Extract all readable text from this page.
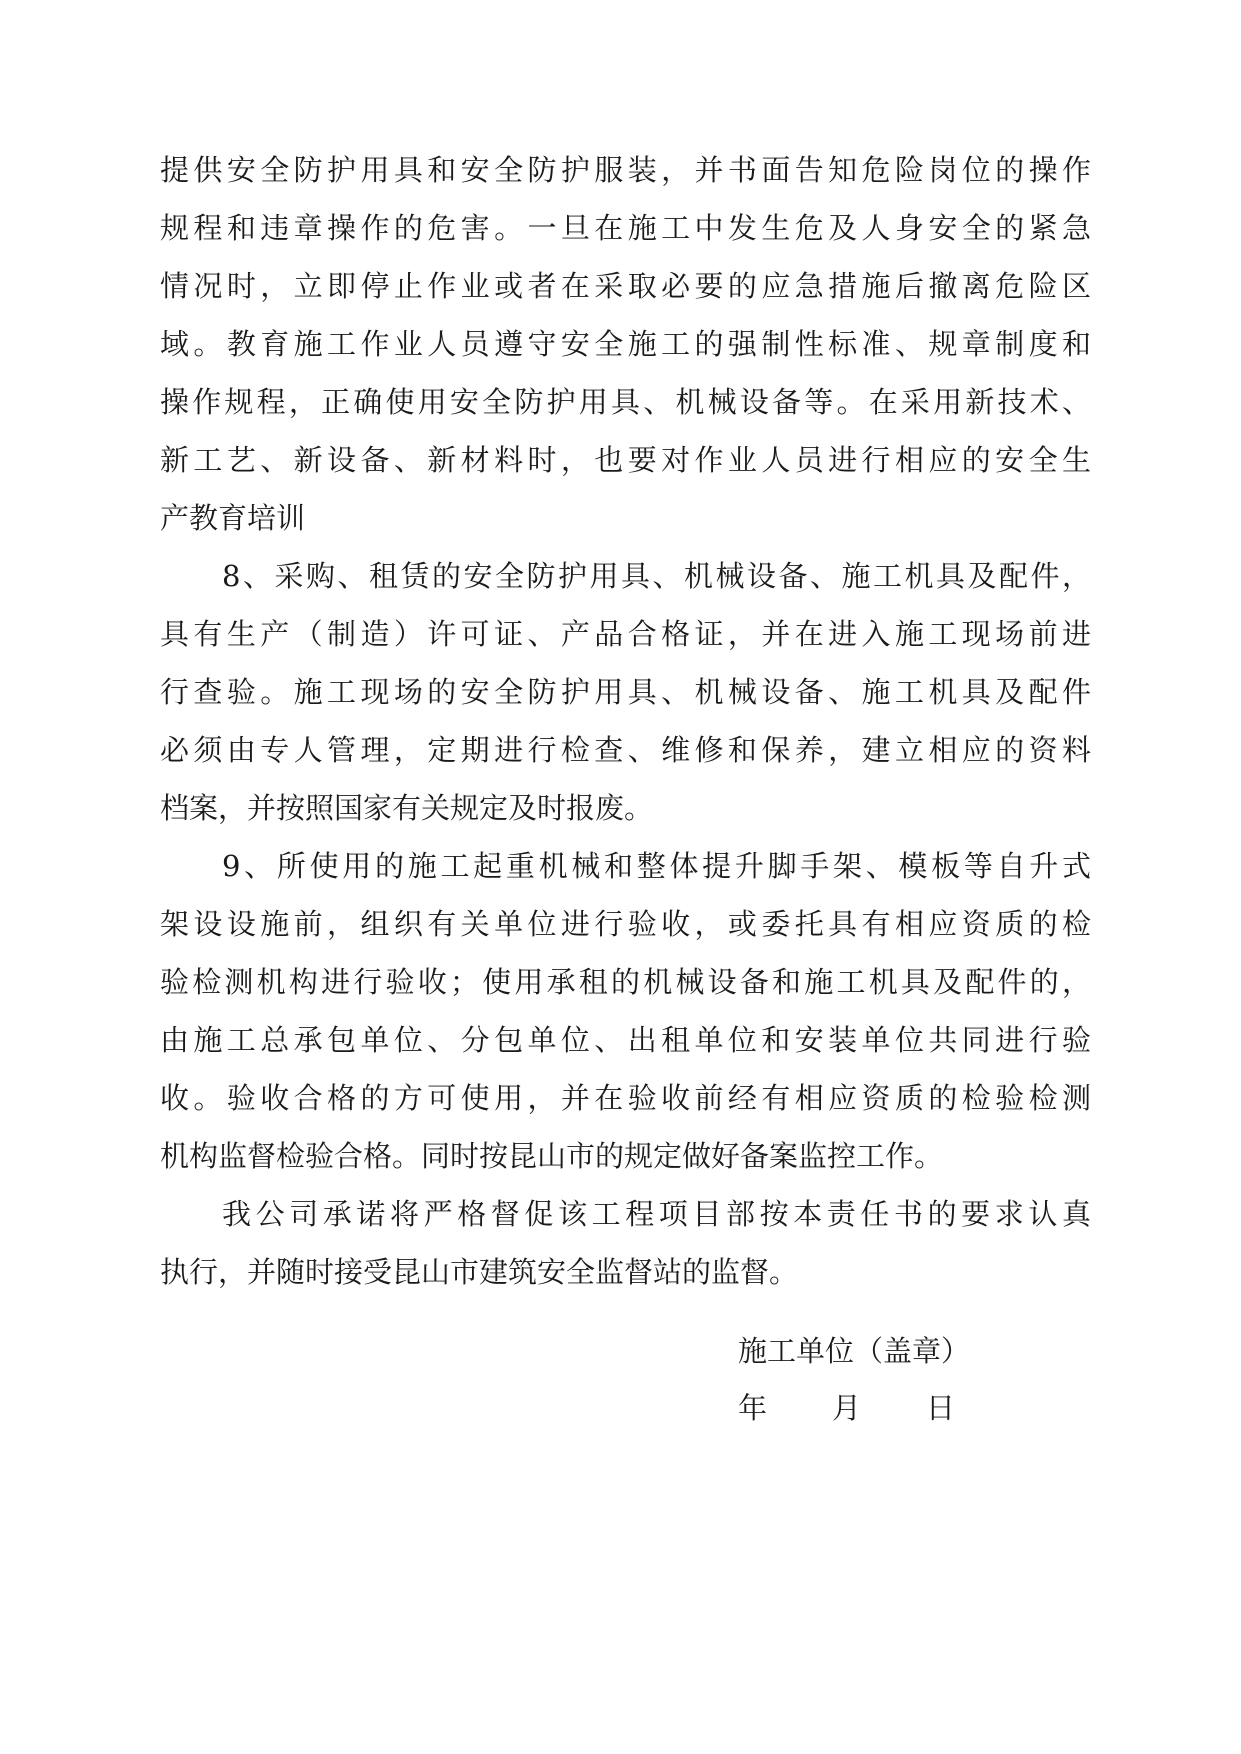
提供安全防护用具和安全防护服装，并书面告知危险岗位的操作
规程和违章操作的危害。一旦在施工中发生危及人身安全的紧急
情况时，立即停止作业或者在采取必要的应急措施后撤离危险区
域。教育施工作业人员遵守安全施工的强制性标准、规章制度和
操作规程，正确使用安全防护用具、机械设备等。在采用新技术、
新工艺、新设备、新材料时，也要对作业人员进行相应的安全生
产教育培训
8、采购、租赁的安全防护用具、机械设备、施工机具及配件，
具有生产（制造）许可证、产品合格证，并在进入施工现场前进
行查验。施工现场的安全防护用具、机械设备、施工机具及配件
必须由专人管理，定期进行检查、维修和保养，建立相应的资料
档案，并按照国家有关规定及时报废。
9、所使用的施工起重机械和整体提升脚手架、模板等自升式
架设设施前，组织有关单位进行验收，或委托具有相应资质的检
验检测机构进行验收；使用承租的机械设备和施工机具及配件的，
由施工总承包单位、分包单位、出租单位和安装单位共同进行验
收。验收合格的方可使用，并在验收前经有相应资质的检验检测
机构监督检验合格。同时按昆山市的规定做好备案监控工作。
我公司承诺将严格督促该工程项目部按本责任书的要求认真
执行，并随时接受昆山市建筑安全监督站的监督。
施工单位（盖章）
年	月	日
